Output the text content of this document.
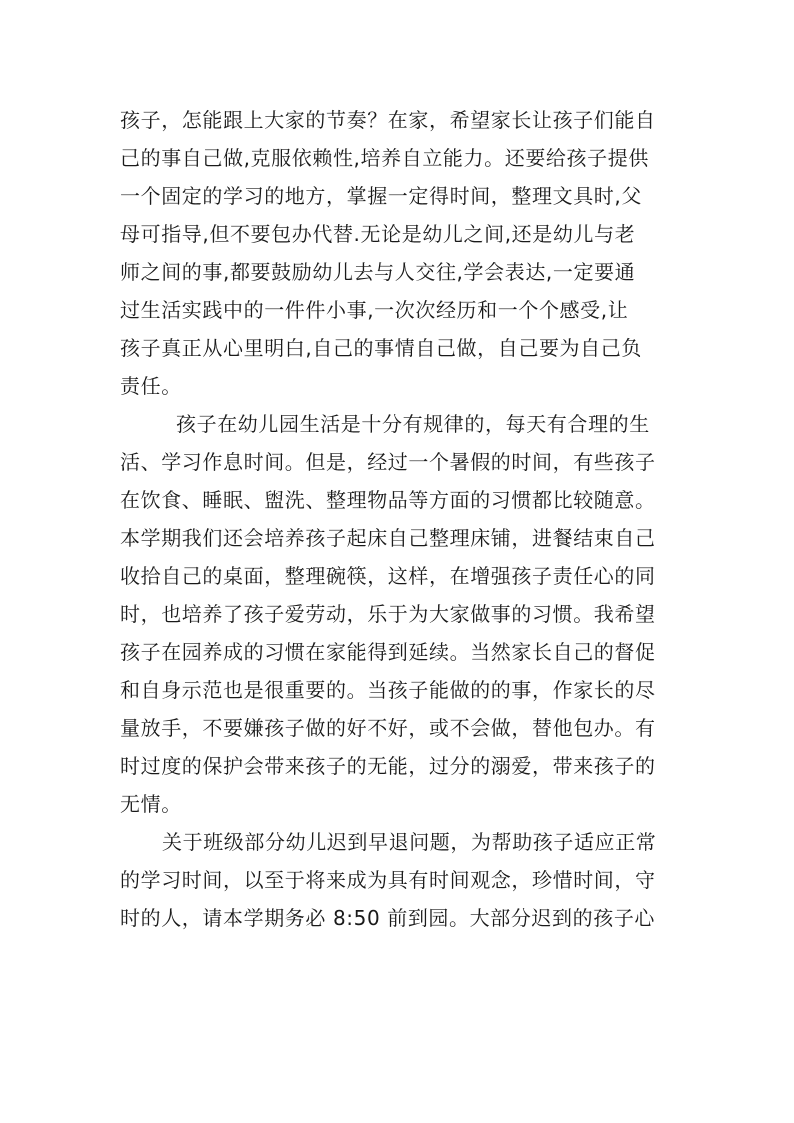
孩子，怎能跟上大家的节奏？在家，希望家长让孩子们能自
己的事自己做,克服依赖性,培养自立能力。还要给孩子提供
一个固定的学习的地方，掌握一定得时间，整理文具时,父
母可指导,但不要包办代替.无论是幼儿之间,还是幼儿与老
师之间的事,都要鼓励幼儿去与人交往,学会表达,一定要通
过生活实践中的一件件小事,一次次经历和一个个感受,让
孩子真正从心里明白,自己的事情自己做，自己要为自己负
责任。
孩子在幼儿园生活是十分有规律的，每天有合理的生
活、学习作息时间。但是，经过一个暑假的时间，有些孩子
在饮食、睡眠、盥洗、整理物品等方面的习惯都比较随意。
本学期我们还会培养孩子起床自己整理床铺，进餐结束自己
收拾自己的桌面，整理碗筷，这样，在增强孩子责任心的同
时，也培养了孩子爱劳动，乐于为大家做事的习惯。我希望
孩子在园养成的习惯在家能得到延续。当然家长自己的督促
和自身示范也是很重要的。当孩子能做的的事，作家长的尽
量放手，不要嫌孩子做的好不好，或不会做，替他包办。有
时过度的保护会带来孩子的无能，过分的溺爱，带来孩子的
无情。
关于班级部分幼儿迟到早退问题，为帮助孩子适应正常
的学习时间，以至于将来成为具有时间观念，珍惜时间，守
时的人，请本学期务必 8:50 前到园。大部分迟到的孩子心
